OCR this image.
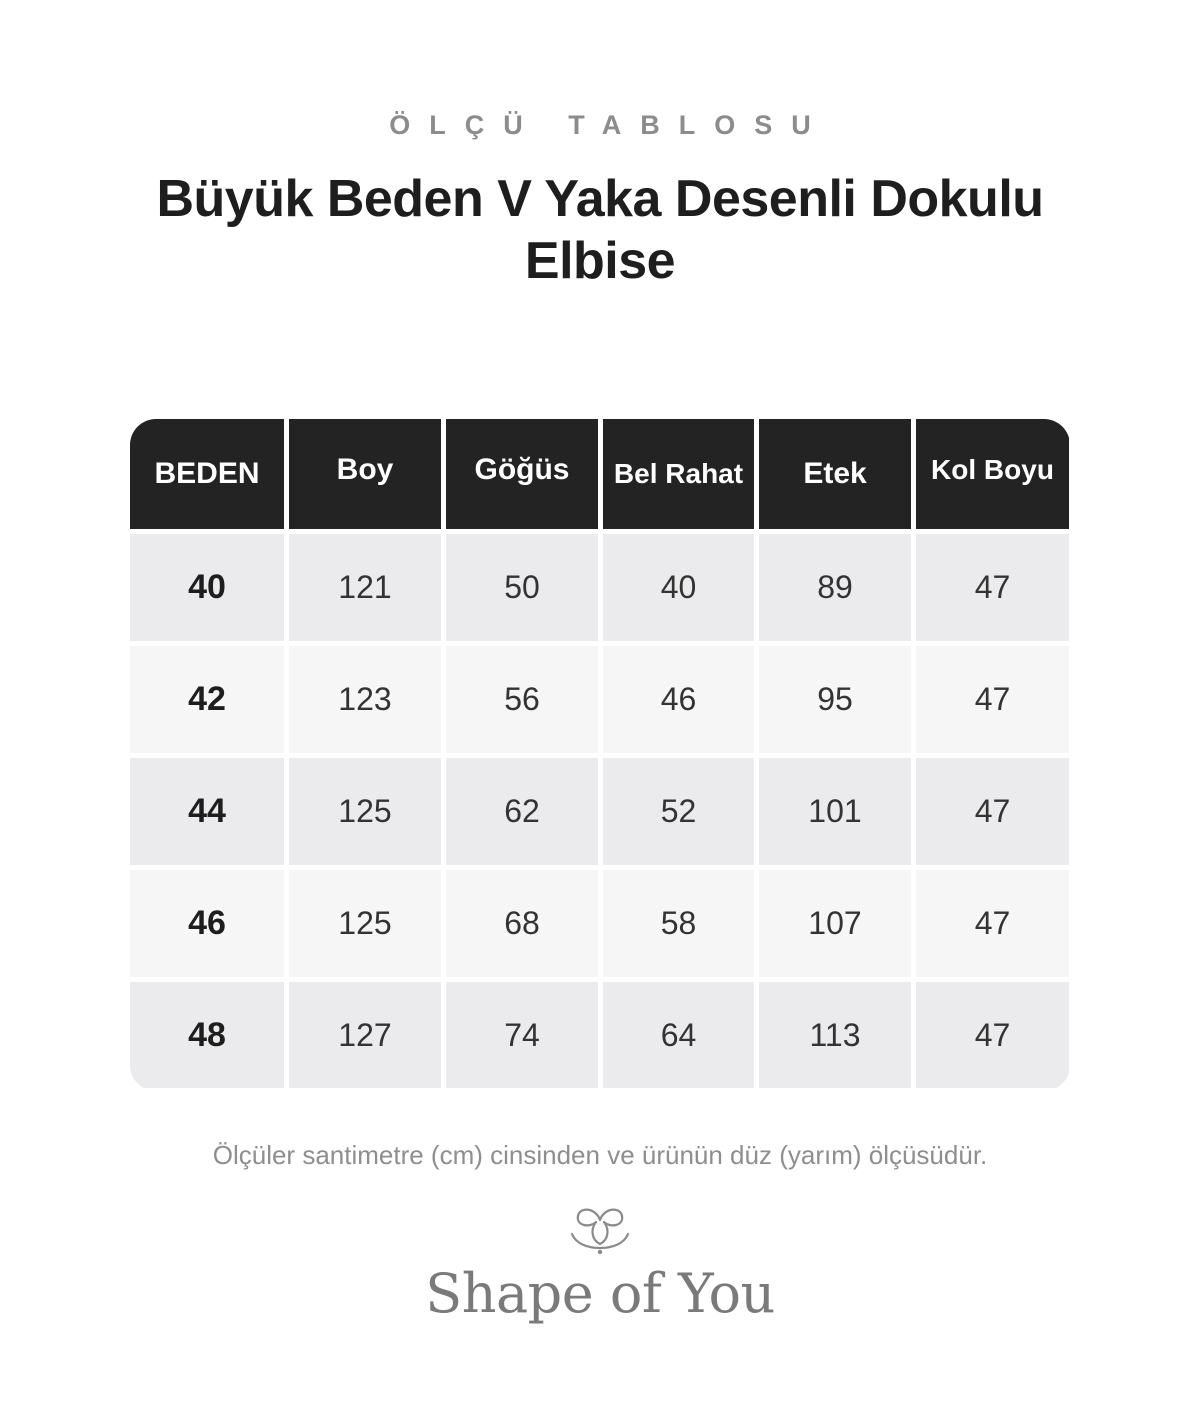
ÖLÇÜ TABLOSU
Büyük Beden V Yaka Desenli Dokulu
Elbise
BEDEN	Boy	Göğüs	Bel Rahat	Etek	Kol Boyu
40	121	50	40	89	47
42	123	56	46	95	47
44	125	62	52	101	47
46	125	68	58	107	47
48	127	74	64	113	47
Ölçüler santimetre (cm) cinsinden ve ürünün düz (yarım) ölçüsüdür.
Shape of You
